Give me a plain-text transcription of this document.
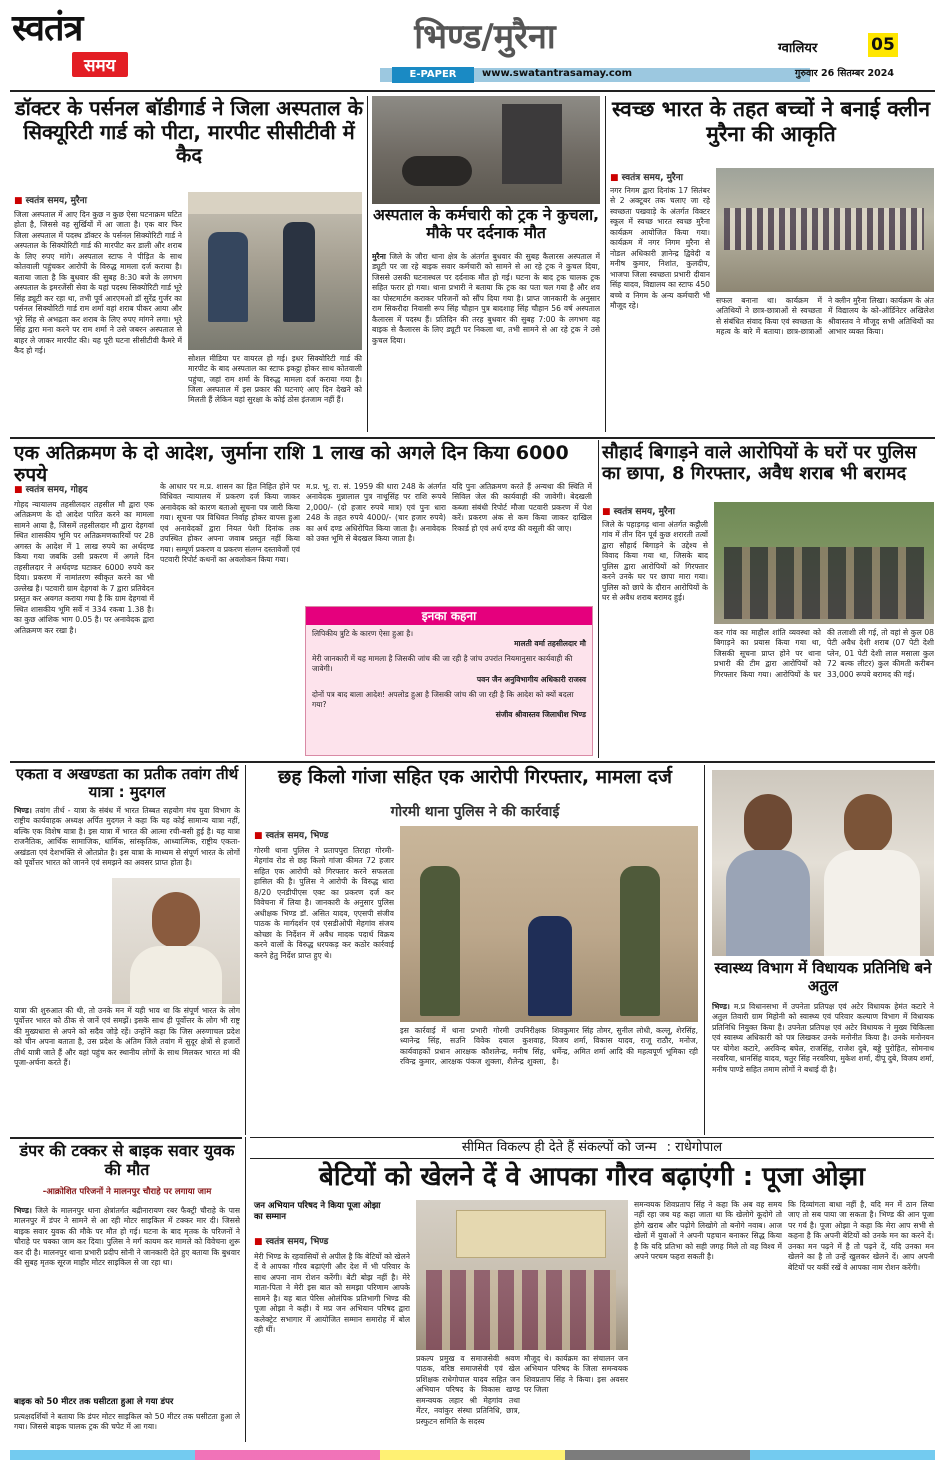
स्वतंत्र
समय
भिण्ड/मुरैना
E-PAPER	www.swatantrasamay.com
ग्वालियर	05
गुरुवार 26 सितम्बर 2024
डॉक्टर के पर्सनल बॉडीगार्ड ने जिला अस्पताल के सिक्यूरिटी गार्ड को पीटा, मारपीट सीसीटीवी में कैद
■ स्वतंत्र समय, मुरैना
जिला अस्पताल में आए दिन कुछ न कुछ ऐसा घटनाक्रम घटित होता है, जिससे वह सुर्खियों में आ जाता है। एक बार फिर जिला अस्पताल में पदस्थ डॉक्टर के पर्सनल सिक्योरिटी गार्ड ने अस्पताल के सिक्योरिटी गार्ड की मारपीट कर डाली और शराब के लिए रुपए मांगे। अस्पताल स्टाफ ने पीड़ित के साथ कोतवाली पहुंचकर आरोपी के विरुद्ध मामला दर्ज कराया है। बताया जाता है कि बुधवार की सुबह 8:30 बजे के लगभग अस्पताल के इमरजेंसी सेवा के यहां पदस्थ सिक्योरिटी गार्ड भूरे सिंह ड्यूटी कर रहा था, तभी पूर्व आरएमओ डॉ सुरेंद्र गुर्जर का पर्सनल सिक्योरिटी गार्ड राम शर्मा वहां शराब पीकर आया और भूरे सिंह से अभद्रता कर शराब के लिए रुपए मांगने लगा। भूरे सिंह द्वारा मना करने पर राम शर्मा ने उसे जबरन अस्पताल से बाहर ले जाकर मारपीट की। यह पूरी घटना सीसीटीवी कैमरे में कैद हो गई।
सोशल मीडिया पर वायरल हो गई। इधर सिक्योरिटी गार्ड की मारपीट के बाद अस्पताल का स्टाफ इकट्ठा होकर साथ कोतवाली पहुंचा, जहां राम शर्मा के विरुद्ध मामला दर्ज कराया गया है। जिला अस्पताल में इस प्रकार की घटनाएं आए दिन देखने को मिलती हैं लेकिन यहां सुरक्षा के कोई ठोस इंतजाम नहीं हैं।
अस्पताल के कर्मचारी को ट्रक ने कुचला, मौके पर दर्दनाक मौत
मुरैना जिले के जौरा थाना क्षेत्र के अंतर्गत बुधवार की सुबह कैलारस अस्पताल में ड्यूटी पर जा रहे बाइक सवार कर्मचारी को सामने से आ रहे ट्रक ने कुचल दिया, जिससे उसकी घटनास्थल पर दर्दनाक मौत हो गई। घटना के बाद ट्रक चालक ट्रक सहित फरार हो गया। थाना प्रभारी ने बताया कि ट्रक का पता चल गया है और शव का पोस्टमार्टम कराकर परिजनों को सौंप दिया गया है। प्राप्त जानकारी के अनुसार राम सिकरौदा निवासी रूप सिंह चौहान पुत्र बादशाह सिंह चौहान 56 वर्ष अस्पताल कैलारस में पदस्थ हैं। प्रतिदिन की तरह बुधवार की सुबह 7:00 के लगभग वह बाइक से कैलारस के लिए ड्यूटी पर निकला था, तभी सामने से आ रहे ट्रक ने उसे कुचल दिया।
स्वच्छ भारत के तहत बच्चों ने बनाई क्लीन मुरैना की आकृति
■ स्वतंत्र समय, मुरैना
नगर निगम द्वारा दिनांक 17 सितंबर से 2 अक्टूबर तक चलाए जा रहे स्वच्छता पखवाड़े के अंतर्गत विक्टर स्कूल में स्वच्छ भारत स्वच्छ मुरैना कार्यक्रम आयोजित किया गया। कार्यक्रम में नगर निगम मुरैना से नोडल अधिकारी ज्ञानेन्द्र द्विवेदी व मनीष कुमार, निशांत, कुलदीप, भाजपा जिला स्वच्छता प्रभारी दीवान सिंह यादव, विद्यालय का स्टाफ 450 बच्चे व निगम के अन्य कर्मचारी भी मौजूद रहे।
सफल बनाना था। कार्यक्रम में अतिथियों ने छात्र-छात्राओं से स्वच्छता से संबंधित संवाद किया एवं स्वच्छता के महत्व के बारे में बताया। छात्र-छात्राओं ने क्लीन मुरैना लिखा। कार्यक्रम के अंत में विद्यालय के को-ऑर्डिनेटर अखिलेश श्रीवास्तव ने मौजूद सभी अतिथियों का आभार व्यक्त किया।
एक अतिक्रमण के दो आदेश, जुर्माना राशि 1 लाख को अगले दिन किया 6000 रुपये
■ स्वतंत्र समय, गोहद
गोहद न्यायालय तहसीलदार तहसील मौ द्वारा एक अतिक्रमण के दो आदेश पारित करने का मामला सामने आया है, जिसमें तहसीलदार मौ द्वारा देहगवां स्थित शासकीय भूमि पर अतिक्रमणकारियों पर 28 अगस्त के आदेश में 1 लाख रुपये का अर्थदण्ड किया गया जबकि उसी प्रकरण में अगले दिन तहसीलदार ने अर्थदण्ड घटाकर 6000 रुपये कर दिया। प्रकरण में नामांतरण स्वीकृत करने का भी उल्लेख है। पटवारी ग्राम देहगवां के 7 द्वारा प्रतिवेदन प्रस्तुत कर अवगत कराया गया है कि ग्राम देहगवां में स्थित शासकीय भूमि सर्वे नं 334 रकबा 1.38 है। का कुछ आंशिक भाग 0.05 है। पर अनावेदक द्वारा अतिक्रमण कर रखा है।
के आधार पर म.प्र. शासन का हित निहित होने पर विधिवत न्यायालय में प्रकरण दर्ज किया जाकर अनावेदक को कारण बताओ सूचना पत्र जारी किया गया। सूचना पत्र विधिवत निर्वाह होकर वापस हुआ एवं अनावेदकों द्वारा नियत पेशी दिनांक तक उपस्थित होकर अपना जवाब प्रस्तुत नहीं किया गया। सम्पूर्ण प्रकरण व प्रकरण संलग्न दस्तावेजों एवं पटवारी रिपोर्ट कथनों का अवलोकन किया गया।
म.प्र. भू. रा. सं. 1959 की धारा 248 के अंतर्गत अनावेदक मुन्नालाल पुत्र नाथूसिंह पर राशि रूपये 2,000/- (दो हजार रुपये मात्र) एवं पुनः धारा 248 के तहत रुपये 4000/- (चार हजार रुपये) का अर्थ दण्ड अधिरोपित किया जाता है। अनावेदक को उक्त भूमि से बेदखल किया जाता है।
यदि पुनः अतिक्रमण करते हैं अन्यथा की स्थिति में सिविल जेल की कार्यवाही की जावेगी। बेदखली कब्जा संबंधी रिपोर्ट मौजा पटवारी प्रकरण में पेश करें। प्रकरण अंक से कम किया जाकर दाखिल रिकार्ड हो एवं अर्थ दण्ड की वसूली की जाए।
इनका कहना
लिपिकीय त्रुटि के कारण ऐसा हुआ है।
मालती वर्मा तहसीलदार मौ
मेरी जानकारी में यह मामला है जिसकी जांच की जा रही है जांच उपरांत नियमानुसार कार्यवाही की जावेगी।
पवन जैन अनुविभागीय अधिकारी राजस्व
दोनों पत्र बाद बाला आदेश! अपलोड हुआ है जिसकी जांच की जा रही है कि आदेश को क्यों बदला गया?
संजीव श्रीवास्तव जिलाधीश भिण्ड
सौहार्द बिगाड़ने वाले आरोपियों के घरों पर पुलिस का छापा, 8 गिरफ्तार, अवैध शराब भी बरामद
■ स्वतंत्र समय, मुरैना
जिले के पहाड़गढ़ थाना अंतर्गत कट्ठौली गांव में तीन दिन पूर्व कुछ शरारती तत्वों द्वारा सौहार्द बिगाड़ने के उद्देश्य से विवाद किया गया था, जिसके बाद पुलिस द्वारा आरोपियों को गिरफ्तार करने उनके घर पर छापा मारा गया। पुलिस को छापे के दौरान आरोपियों के घर से अवैध शराब बरामद हुई।
कर गांव का माहौल शांति व्यवस्था को बिगाड़ने का प्रयास किया गया था, जिसकी सूचना प्राप्त होने पर थाना प्रभारी की टीम द्वारा आरोपियों को गिरफ्तार किया गया। आरोपियों के घर की तलाशी ली गई, तो वहां से कुल 08 पेटी अवैध देशी शराब (07 पेटी देशी प्लेन, 01 पेटी देशी लाल मसाला कुल 72 बल्क लीटर) कुल कीमती करीबन 33,000 रूपये बरामद की गई।
एकता व अखण्डता का प्रतीक तवांग तीर्थ यात्रा : मुदगल
भिण्ड। तवांग तीर्थ - यात्रा के संबंध में भारत तिब्बत सहयोग मंच युवा विभाग के राष्ट्रीय कार्यवाहक अध्यक्ष अर्पित मुदगल ने कहा कि यह कोई सामान्य यात्रा नहीं, बल्कि एक विशेष यात्रा है। इस यात्रा में भारत की आत्मा रची-बसी हुई है। यह यात्रा राजनैतिक, आर्थिक सामाजिक, धार्मिक, सांस्कृतिक, आध्यात्मिक, राष्ट्रीय एकता-अखंडता एवं देशभक्ति से ओतप्रोत है। इस यात्रा के माध्यम से संपूर्ण भारत के लोगों को पूर्वोत्तर भारत को जानने एवं समझने का अवसर प्राप्त होता है।
यात्रा की शुरुआत की थी, तो उनके मन में यही भाव था कि संपूर्ण भारत के लोग पूर्वोत्तर भारत को ठीक से जानें एवं समझें। इसके साथ ही पूर्वोत्तर के लोग भी राष्ट्र की मुख्यधारा से अपने को सदैव जोड़े रहें। उन्होंने कहा कि जिस अरुणाचल प्रदेश को चीन अपना बताता है, उस प्रदेश के अंतिम जिले तवांग में सुदूर क्षेत्रों से हजारों तीर्थ यात्री जाते हैं और वहां पहुंच कर स्थानीय लोगों के साथ मिलकर भारत मां की पूजा-अर्चना करते हैं।
छह किलो गांजा सहित एक आरोपी गिरफ्तार, मामला दर्ज
गोरमी थाना पुलिस ने की कार्रवाई
■ स्वतंत्र समय, भिण्ड
गोरमी थाना पुलिस ने प्रतापपुरा तिराहा गोरमी-मेहगांव रोड से छह किलो गांजा कीमत 72 हजार सहित एक आरोपी को गिरफ्तार करने सफलता हासिल की है। पुलिस ने आरोपी के विरुद्ध धारा 8/20 एनडीपीएस एक्ट का प्रकरण दर्ज कर विवेचना में लिया है। जानकारी के अनुसार पुलिस अधीक्षक भिण्ड डॉ. असित यादव, एएसपी संजीव पाठक के मार्गदर्शन एवं एसडीओपी मेहगांव संजय कोच्छा के निर्देशन में अवैध मादक पदार्थ विक्रय करने वालों के विरुद्ध धरपकड़ कर कठोर कार्रवाई करने हेतु निर्देश प्राप्त हुए थे।
इस कार्रवाई में थाना प्रभारी गोरमी उपनिरीक्षक ध्यानेन्द्र सिंह, सउनि विवेक दयाल कुशवाह, कार्यवाहकों प्रधान आरक्षक कौशलेन्द्र, मनीष सिंह, रविन्द्र कुमार, आरक्षक पंकज शुक्ला, शैलेन्द्र शुक्ला, शिवकुमार सिंह तोमर, सुनील लोधी, कल्लू, शेरसिंह, विजय शर्मा, विकास यादव, राजू राठौर, मनोज, धर्मेन्द्र, अमित शर्मा आदि की महत्वपूर्ण भूमिका रही है।
स्वास्थ्य विभाग में विधायक प्रतिनिधि बने अतुल
भिण्ड। म.प्र विधानसभा में उपनेता प्रतिपक्ष एवं अटेर विधायक हेमंत कटारे ने अतुल तिवारी ग्राम मिहोनी को स्वास्थ्य एवं परिवार कल्याण विभाग में विधायक प्रतिनिधि नियुक्त किया है। उपनेता प्रतिपक्ष एवं अटेर विधायक ने मुख्य चिकित्सा एवं स्वास्थ्य अधिकारी को पत्र लिखकर उनके मनोनीत किया है। उनके मनोनयन पर योगेश कटारे, अरविन्द बघेल, राजसिंह, राजेश दुबे, बड्डे पुरोहित, सोमनाथ नरवरिया, धानसिंह यादव, चतुर सिंह नरवरिया, मुकेश शर्मा, दीपू दुबे, विजय शर्मा, मनीष पाण्डे सहित तमाम लोगों ने बधाई दी है।
सीमित विकल्प ही देते हैं संकल्पों को जन्म : राधेगोपाल
डंपर की टक्कर से बाइक सवार युवक की मौत
-आक्रोशित परिजनों ने मालनपुर चौराहे पर लगाया जाम
भिण्ड। जिले के मालनपुर थाना क्षेत्रांतर्गत बद्रीनारायण रबर फैक्ट्री चौराहे के पास मालनपुर में डंपर ने सामने से आ रही मोटर साइकिल में टक्कर मार दी। जिससे बाइक सवार युवक की मौके पर मौत हो गई। घटना के बाद मृतक के परिजनों ने चौराहे पर चक्का जाम कर दिया। पुलिस ने मर्ग कायम कर मामले को विवेचना शुरू कर दी है। मालनपुर थाना प्रभारी प्रदीप सोनी ने जानकारी देते हुए बताया कि बुधवार की सुबह मृतक सूरज माहौर मोटर साइकिल से जा रहा था।
बाइक को 50 मीटर तक घसीटता हुआ ले गया डंपर
प्रत्यक्षदर्शियों ने बताया कि डंपर मोटर साइकिल को 50 मीटर तक घसीटता हुआ ले गया। जिससे बाइक चालक ट्रक की चपेट में आ गया।
बेटियों को खेलने दें वे आपका गौरव बढ़ाएंगी : पूजा ओझा
जन अभियान परिषद ने किया पूजा ओझा का सम्मान
■ स्वतंत्र समय, भिण्ड
मेरी भिण्ड के रहवासियों से अपील है कि बेटियों को खेलने दें वे आपका गौरव बढ़ाएंगी और देश में भी परिवार के साथ अपना नाम रोशन करेंगी। बेटी बोझ नहीं है। मेरे माता-पिता ने मेरी इस बात को समझा परिणाम आपके सामने है। यह बात पेरिस ओलंपिक प्रतिभागी भिण्ड की पूजा ओझा ने कही। वे मप्र जन अभियान परिषद द्वारा कलेक्ट्रेट सभागार में आयोजित सम्मान समारोह में बोल रही थीं।
प्रकल्प प्रमुख व समाजसेवी श्रवण पाठक, वरिष्ठ समाजसेवी एवं खेल प्रशिक्षक राधेगोपाल यादव सहित जन अभियान परिषद के विकास खण्ड समन्वयक लहार श्री मेहगांव तथा मेंटर, नवांकुर संस्था प्रतिनिधि, छात्र, प्रस्फुटन समिति के सदस्य
मौजूद थे। कार्यक्रम का संचालन जन अभियान परिषद के जिला समन्वयक शिवप्रताप सिंह ने किया। इस अवसर पर जिला
समन्वयक शिवप्रताप सिंह ने कहा कि अब वह समय नहीं रहा जब यह कहा जाता था कि खेलोगे कूदोगे तो होगे खराब और पढ़ोगे लिखोगे तो बनोगे नवाब। आज खेलों में युवाओं ने अपनी पहचान बनाकर सिद्ध किया है कि यदि प्रतिभा को सही जगह मिले तो वह विश्व में अपने परचम फहरा सकती है।
कि दिव्यांगता बाधा नहीं है, यदि मन में ठान लिया जाए तो सब पाया जा सकता है। भिण्ड की आन पूजा पर गर्व है। पूजा ओझा ने कहा कि मेरा आप सभी से कहना है कि अपनी बेटियों को उनके मन का करने दें। उनका मन पढ़ने में है तो पढ़ने दें, यदि उनका मन खेलने का है तो उन्हें खुलकर खेलने दें। आप अपनी बेटियों पर यकीं रखें वे आपका नाम रोशन करेंगी।
